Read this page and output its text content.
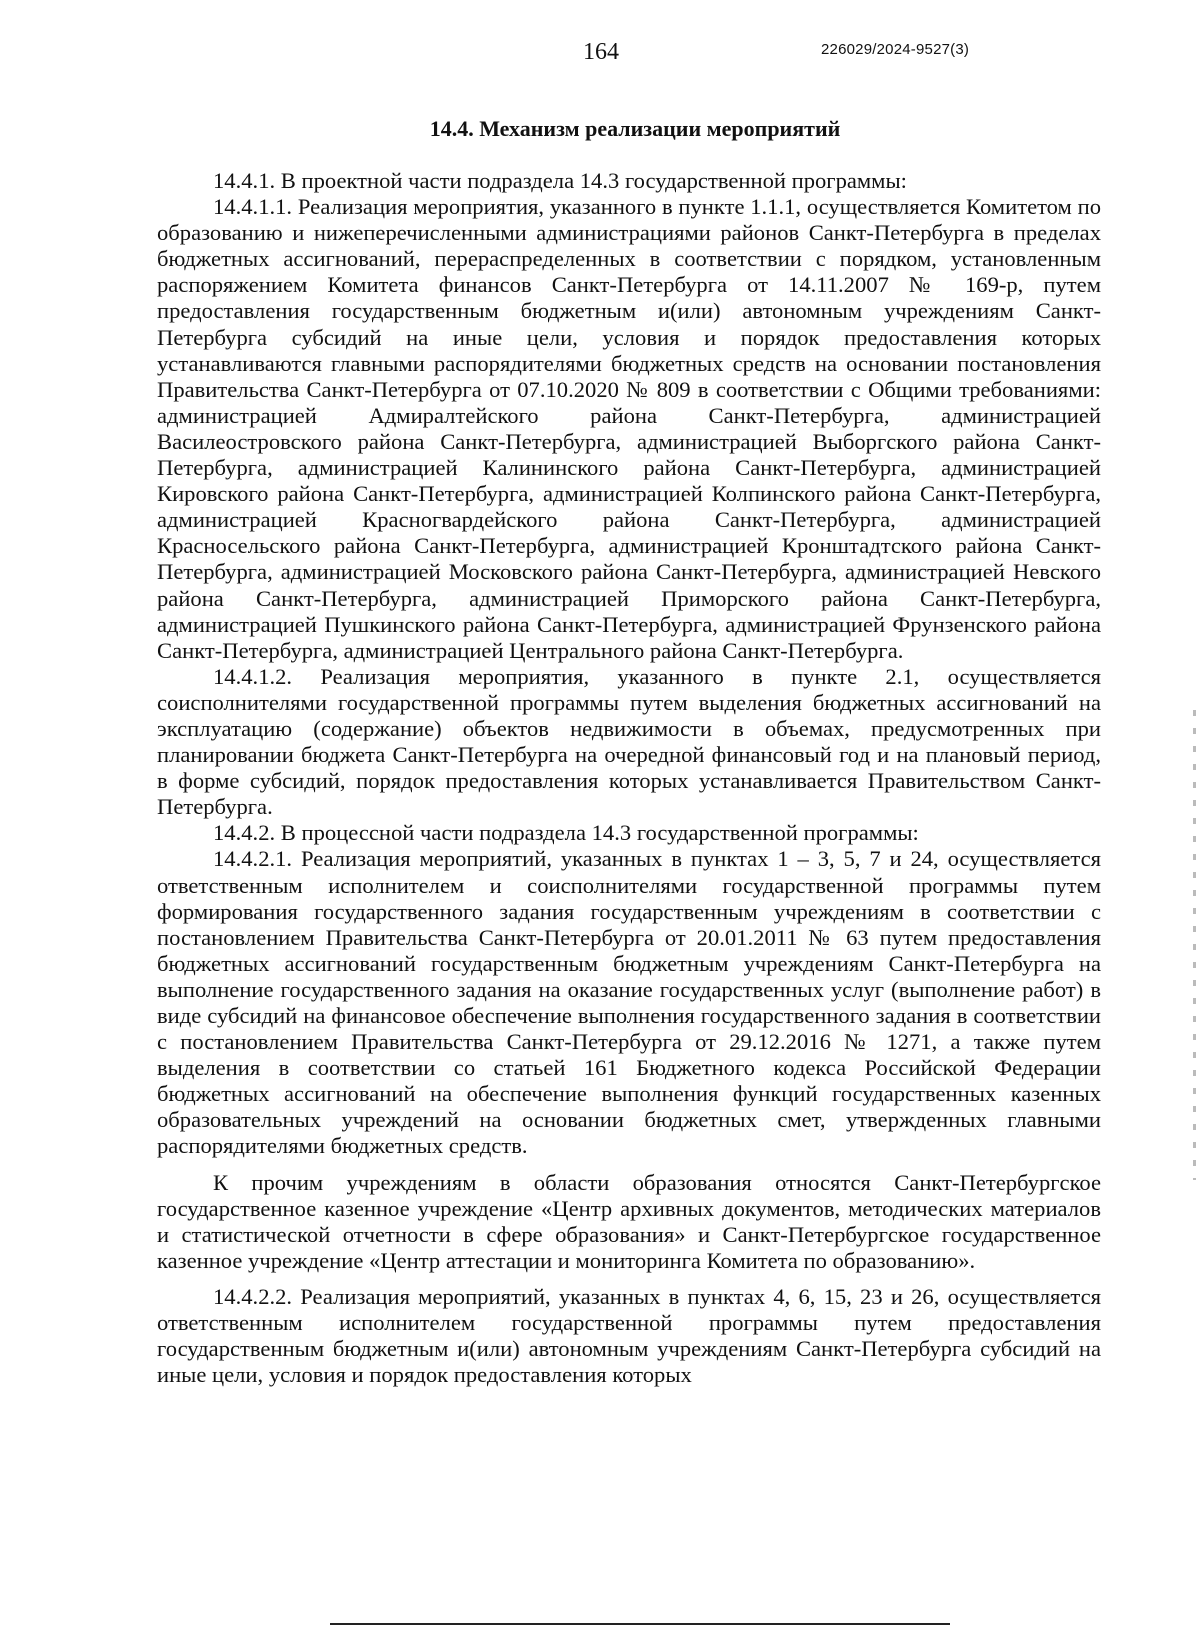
164	226029/2024-9527(3)
14.4. Механизм реализации мероприятий

14.4.1. В проектной части подраздела 14.3 государственной программы:

14.4.1.1. Реализация мероприятия, указанного в пункте 1.1.1, осуществляется Комитетом по образованию и нижеперечисленными администрациями районов Санкт-Петербурга в пределах бюджетных ассигнований, перераспределенных в соответствии с порядком, установленным распоряжением Комитета финансов Санкт-Петербурга от 14.11.2007 № 169-р, путем предоставления государственным бюджетным и(или) автономным учреждениям Санкт-Петербурга субсидий на иные цели, условия и порядок предоставления которых устанавливаются главными распорядителями бюджетных средств на основании постановления Правительства Санкт-Петербурга от 07.10.2020 № 809 в соответствии с Общими требованиями: администрацией Адмиралтейского района Санкт-Петербурга, администрацией Василеостровского района Санкт-Петербурга, администрацией Выборгского района Санкт-Петербурга, администрацией Калининского района Санкт-Петербурга, администрацией Кировского района Санкт-Петербурга, администрацией Колпинского района Санкт-Петербурга, администрацией Красногвардейского района Санкт-Петербурга, администрацией Красносельского района Санкт-Петербурга, администрацией Кронштадтского района Санкт-Петербурга, администрацией Московского района Санкт-Петербурга, администрацией Невского района Санкт-Петербурга, администрацией Приморского района Санкт-Петербурга, администрацией Пушкинского района Санкт-Петербурга, администрацией Фрунзенского района Санкт-Петербурга, администрацией Центрального района Санкт-Петербурга.

14.4.1.2. Реализация мероприятия, указанного в пункте 2.1, осуществляется соисполнителями государственной программы путем выделения бюджетных ассигнований на эксплуатацию (содержание) объектов недвижимости в объемах, предусмотренных при планировании бюджета Санкт-Петербурга на очередной финансовый год и на плановый период, в форме субсидий, порядок предоставления которых устанавливается Правительством Санкт-Петербурга.

14.4.2. В процессной части подраздела 14.3 государственной программы:

14.4.2.1. Реализация мероприятий, указанных в пунктах 1 – 3, 5, 7 и 24, осуществляется ответственным исполнителем и соисполнителями государственной программы путем формирования государственного задания государственным учреждениям в соответствии с постановлением Правительства Санкт-Петербурга от 20.01.2011 № 63 путем предоставления бюджетных ассигнований государственным бюджетным учреждениям Санкт-Петербурга на выполнение государственного задания на оказание государственных услуг (выполнение работ) в виде субсидий на финансовое обеспечение выполнения государственного задания в соответствии с постановлением Правительства Санкт-Петербурга от 29.12.2016 № 1271, а также путем выделения в соответствии со статьей 161 Бюджетного кодекса Российской Федерации бюджетных ассигнований на обеспечение выполнения функций государственных казенных образовательных учреждений на основании бюджетных смет, утвержденных главными распорядителями бюджетных средств.

К прочим учреждениям в области образования относятся Санкт-Петербургское государственное казенное учреждение «Центр архивных документов, методических материалов и статистической отчетности в сфере образования» и Санкт-Петербургское государственное казенное учреждение «Центр аттестации и мониторинга Комитета по образованию».

14.4.2.2. Реализация мероприятий, указанных в пунктах 4, 6, 15, 23 и 26, осуществляется ответственным исполнителем государственной программы путем предоставления государственным бюджетным и(или) автономным учреждениям Санкт-Петербурга субсидий на иные цели, условия и порядок предоставления которых
